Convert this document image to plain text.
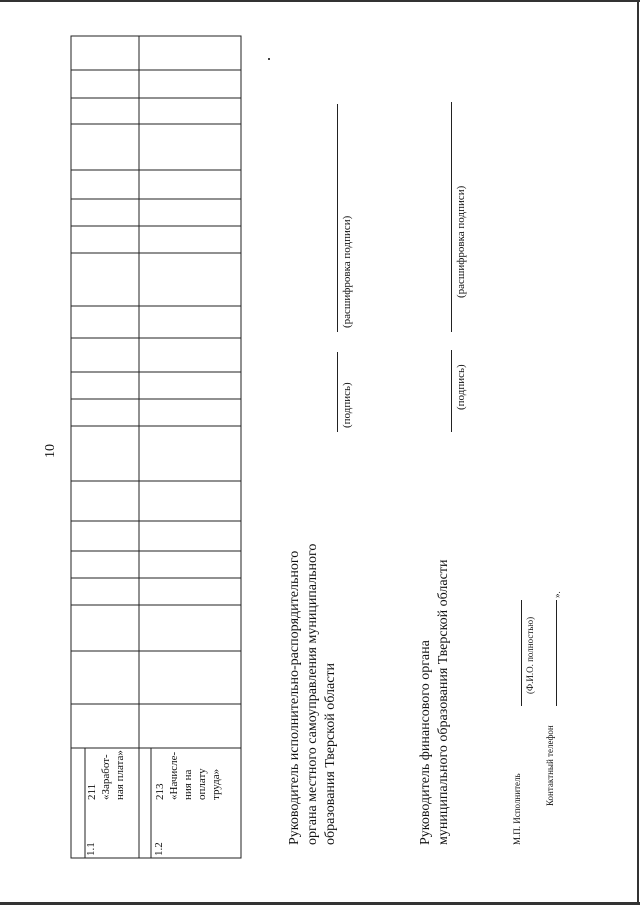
10
1.1
211 «Заработ- ная плата»
1.2
213 «Начисле- ния на оплату труда»	Руководитель исполнительно-распорядительного органа местного самоуправления муниципального образования Тверской области
(подпись)
(расшифровка подписи)
Руководитель финансового органа муниципального образования Тверской области
(подпись)
(расшифровка подписи)
М.П. Исполнитель
(Ф.И.О. полностью)
Контактный телефон
».
